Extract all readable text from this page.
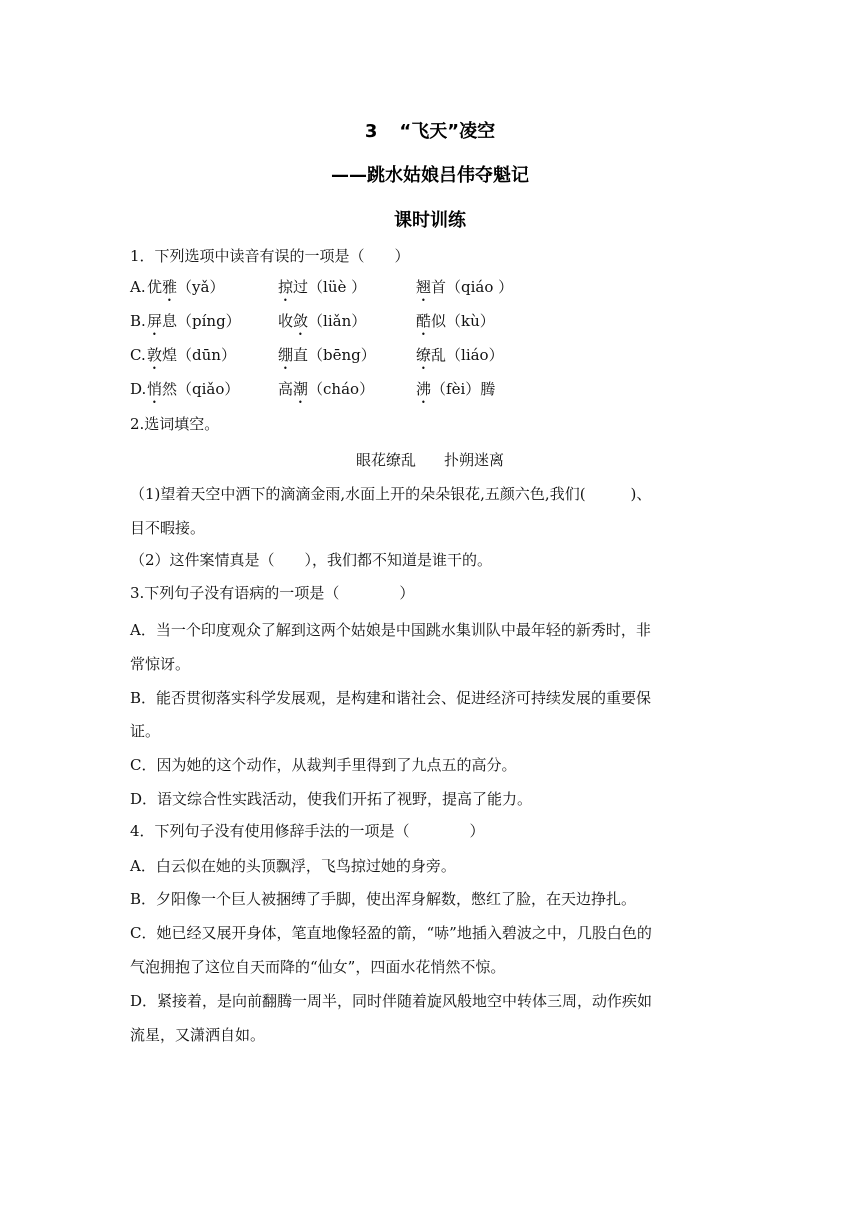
3 “飞天”凌空
——跳水姑娘吕伟夺魁记
课时训练
1．下列选项中读音有误的一项是（　　）
A. 优雅（yǎ）	掠过（lüè ）	翘首（qiáo ）
B. 屏息（píng） 收敛（liǎn）	酷似（kù）
C. 敦煌（dūn）	绷直（bēng）	缭乱（liáo）
D. 悄然（qiǎo）	高潮（cháo）	沸（fèi）腾
2.选词填空。
眼花缭乱 扑朔迷离
（1)望着天空中洒下的滴滴金雨,水面上开的朵朵银花,五颜六色,我们(　　　)、
目不暇接。
（2）这件案情真是（　　），我们都不知道是谁干的。
3.下列句子没有语病的一项是（　　　　）
A．当一个印度观众了解到这两个姑娘是中国跳水集训队中最年轻的新秀时，非
常惊讶。
B．能否贯彻落实科学发展观，是构建和谐社会、促进经济可持续发展的重要保
证。
C．因为她的这个动作，从裁判手里得到了九点五的高分。
D．语文综合性实践活动，使我们开拓了视野，提高了能力。
4．下列句子没有使用修辞手法的一项是（　　　　）
A．白云似在她的头顶飘浮，飞鸟掠过她的身旁。
B．夕阳像一个巨人被捆缚了手脚，使出浑身解数，憋红了脸，在天边挣扎。
C．她已经又展开身体，笔直地像轻盈的箭，“哧”地插入碧波之中，几股白色的
气泡拥抱了这位自天而降的“仙女”，四面水花悄然不惊。
D．紧接着，是向前翻腾一周半，同时伴随着旋风般地空中转体三周，动作疾如
流星，又潇洒自如。
